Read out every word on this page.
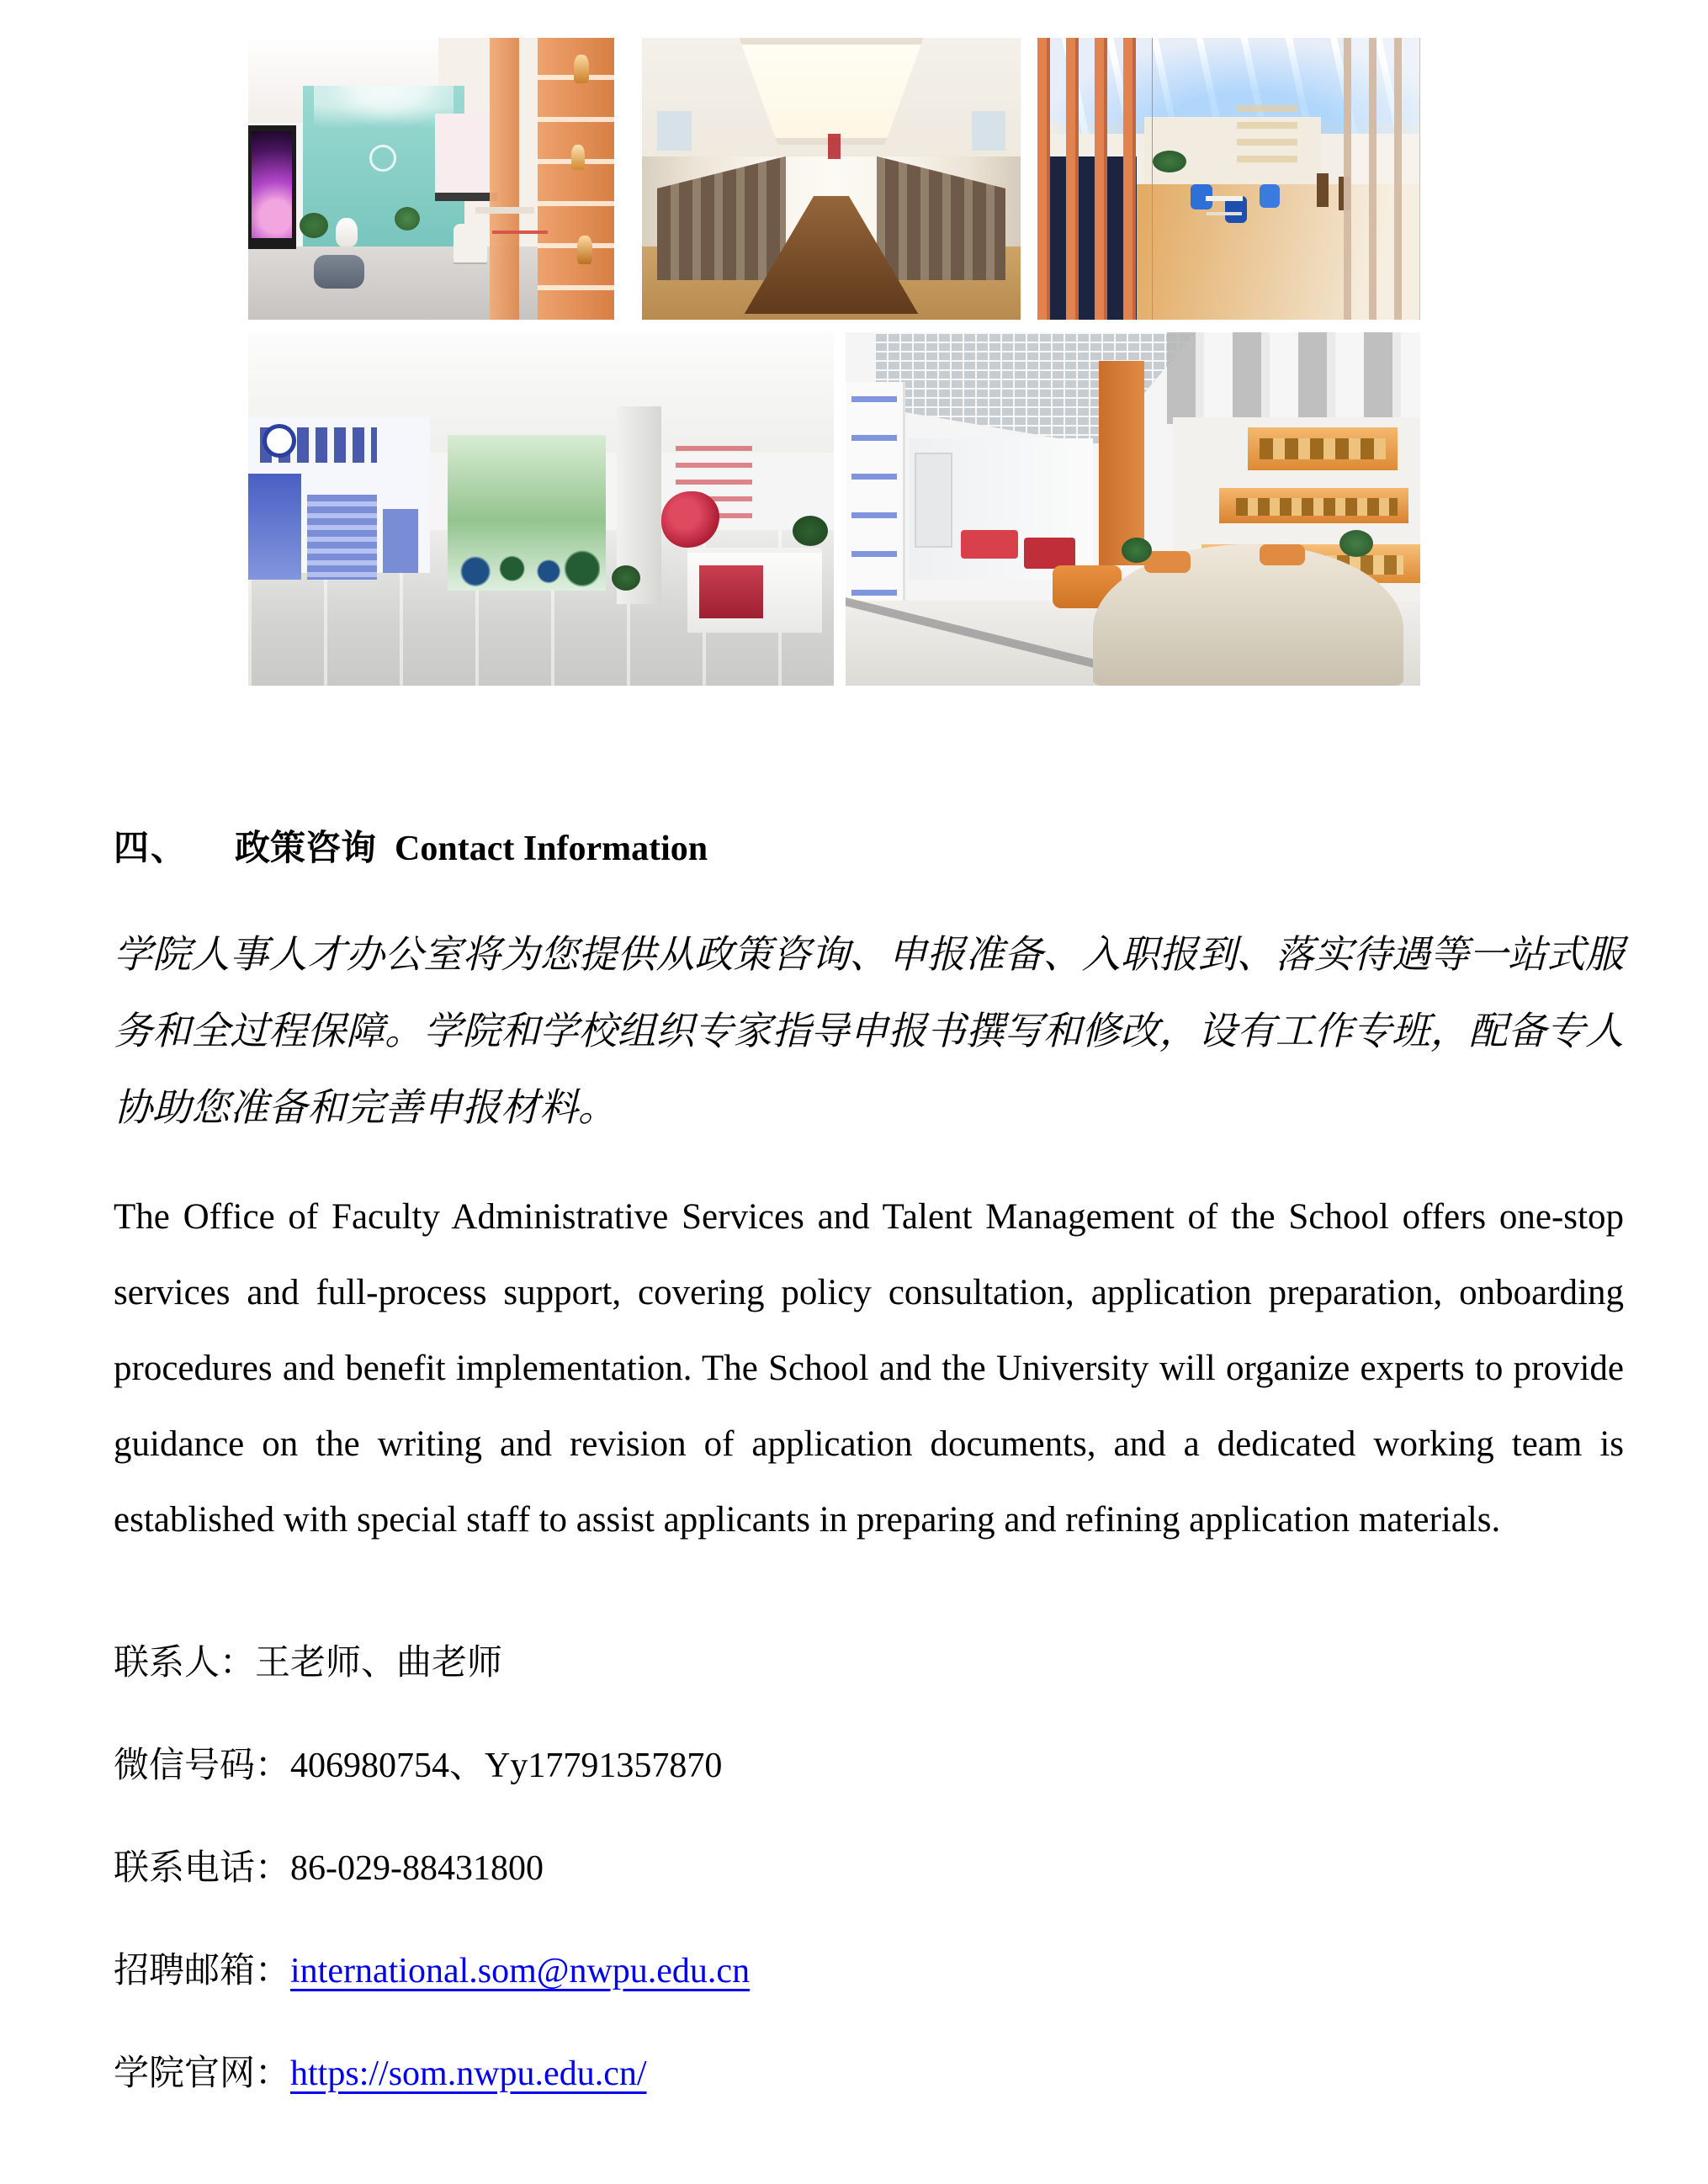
四、 政策咨询 Contact Information

学院人事人才办公室将为您提供从政策咨询、申报准备、入职报到、落实待遇等一站式服务和全过程保障。学院和学校组织专家指导申报书撰写和修改，设有工作专班，配备专人协助您准备和完善申报材料。

The Office of Faculty Administrative Services and Talent Management of the School offers one-stop services and full-process support, covering policy consultation, application preparation, onboarding procedures and benefit implementation. The School and the University will organize experts to provide guidance on the writing and revision of application documents, and a dedicated working team is established with special staff to assist applicants in preparing and refining application materials.

联系人：王老师、曲老师

微信号码：406980754、Yy17791357870

联系电话：86-029-88431800

招聘邮箱：international.som@nwpu.edu.cn

学院官网：https://som.nwpu.edu.cn/
